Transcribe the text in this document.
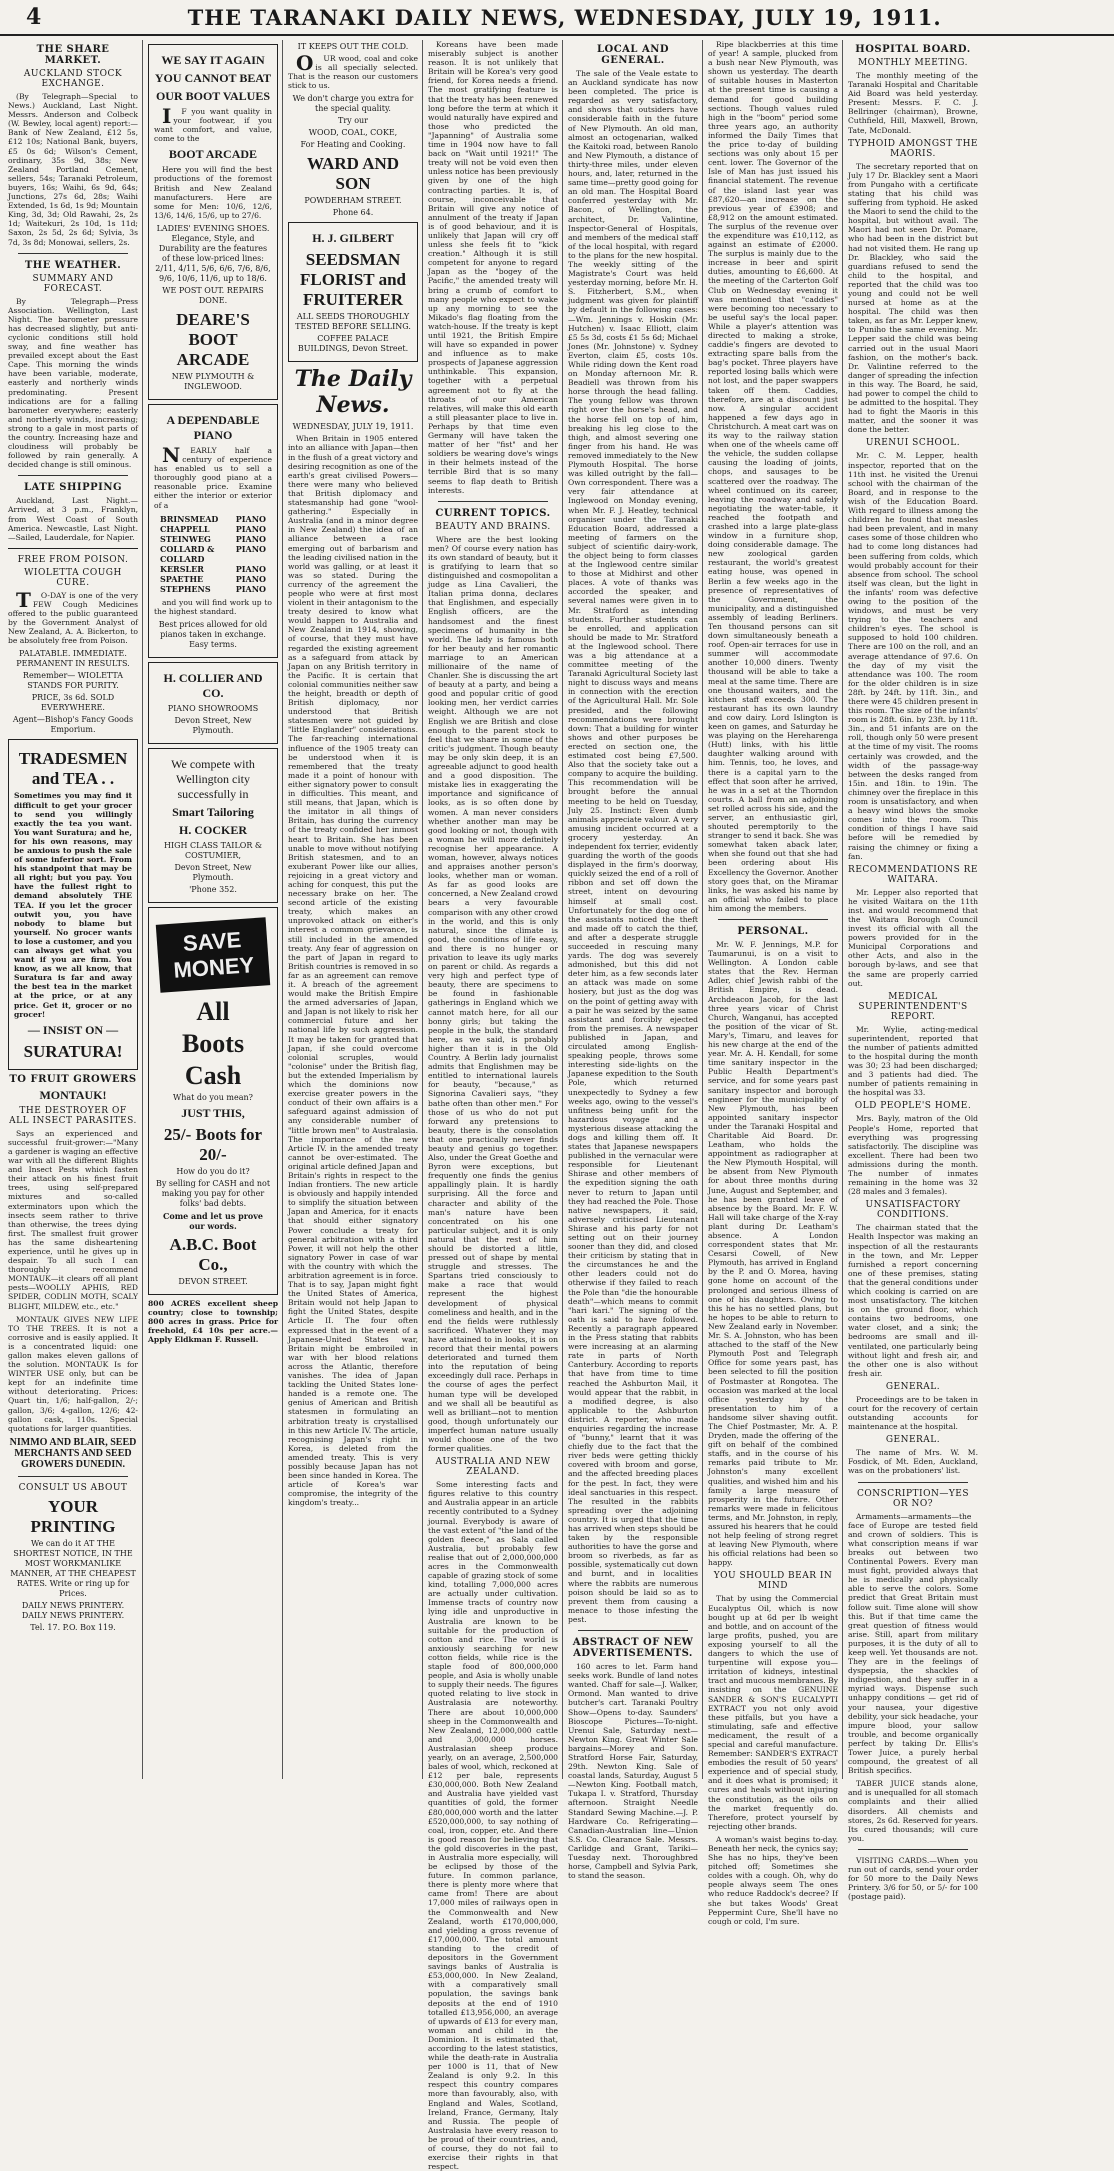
4	THE TARANAKI DAILY NEWS, WEDNESDAY, JULY 19, 1911.
THE SHARE MARKET.
AUCKLAND STOCK EXCHANGE.

(By Telegraph—Special to News.) Auckland, Last Night. Messrs. Anderson and Colbeck (W. Bewley, local agent) report:—Bank of New Zealand, £12 5s, £12 10s; National Bank, buyers, £5 0s 6d; Wilson's Cement, ordinary, 35s 9d, 38s; New Zealand Portland Cement, sellers, 54s; Taranaki Petroleum, buyers, 16s; Waihi, 6s 9d, 64s; Junctions, 27s 6d, 28s; Waihi Extended, 1s 6d, 1s 9d; Mountain King, 3d, 3d; Old Rawahi, 2s, 2s 1d; Waitekuri, 2s 10d, 1s 11d; Saxon, 2s 5d, 2s 6d; Sylvia, 3s 7d, 3s 8d; Monowai, sellers, 2s.

THE WEATHER.
SUMMARY AND FORECAST.

By Telegraph—Press Association. Wellington, Last Night. The barometer pressure has decreased slightly, but anti-cyclonic conditions still hold sway, and fine weather has prevailed except about the East Cape. This morning the winds have been variable, moderate, easterly and northerly winds predominating. Present indications are for a falling barometer everywhere; easterly and northerly winds, increasing; strong to a gale in most parts of the country. Increasing haze and cloudiness will probably be followed by rain generally. A decided change is still ominous.

LATE SHIPPING

Auckland, Last Night.—Arrived, at 3 p.m., Franklyn, from West Coast of South America. Newcastle, Last Night.—Sailed, Lauderdale, for Napier.

FREE FROM POISON.
WIOLETTA COUGH CURE.

TO-DAY is one of the very FEW Cough Medicines offered to the public guaranteed by the Government Analyst of New Zealand, A. A. Bickerton, to be absolutely free from Poison.

PALATABLE. IMMEDIATE. PERMANENT IN RESULTS.

Remember— WIOLETTA STANDS FOR PURITY.

PRICE, 3s 6d. SOLD EVERYWHERE.

Agent—Bishop's Fancy Goods Emporium.

TRADESMEN and TEA . .

Sometimes you may find it difficult to get your grocer to send you willingly exactly the tea you want. You want Suratura; and he, for his own reasons, may be anxious to push the sale of some inferior sort. From his standpoint that may be all right; but you pay. You have the fullest right to demand absolutely THE TEA. If you let the grocer outwit you, you have nobody to blame but yourself. No grocer wants to lose a customer, and you can always get what you want if you are firm. You know, as we all know, that Suratura is far and away the best tea in the market at the price, or at any price. Get it, grocer or no grocer!

— INSIST ON —
SURATURA!
TO FRUIT GROWERS
MONTAUK!
THE DESTROYER OF ALL INSECT PARASITES.

Says an experienced and successful fruit-grower:—"Many a gardener is waging an effective war with all the different Blights and Insect Pests which fasten their attack on his finest fruit trees, using self-prepared mixtures and so-called exterminators upon which the insects seem rather to thrive than otherwise, the trees dying first. The smallest fruit grower has the same disheartening experience, until he gives up in despair. To all such I can thoroughly recommend MONTAUK—it clears off all plant pests—WOOLLY APHIS, RED SPIDER, CODLIN MOTH, SCALY BLIGHT, MILDEW, etc., etc."

MONTAUK GIVES NEW LIFE TO THE TREES. It is not a corrosive and is easily applied. It is a concentrated liquid: one gallon makes eleven gallons of the solution. MONTAUK Is for WINTER USE only, but can be kept for an indefinite time without deteriorating. Prices: Quart tin, 1/6; half-gallon, 2/-; gallon, 3/6; 4-gallon, 12/6; 42-gallon cask, 110s. Special quotations for larger quantities.

NIMMO AND BLAIR, SEED MERCHANTS AND SEED GROWERS DUNEDIN.
CONSULT US ABOUT
YOUR PRINTING

We can do it AT THE SHORTEST NOTICE, IN THE MOST WORKMANLIKE MANNER, AT THE CHEAPEST RATES. Write or ring up for Prices.

DAILY NEWS PRINTERY. DAILY NEWS PRINTERY.

Tel. 17. P.O. Box 119.

WE SAY IT AGAIN
YOU CANNOT BEAT
OUR BOOT VALUES

IF you want quality in your footwear, if you want comfort, and value, come to the

BOOT ARCADE

Here you will find the best productions of the foremost British and New Zealand manufacturers. Here are some for Men: 10/6, 12/6, 13/6, 14/6, 15/6, up to 27/6.

LADIES' EVENING SHOES. Elegance, Style, and Durability are the features of these low-priced lines: 2/11, 4/11, 5/6, 6/6, 7/6, 8/6, 9/6, 10/6, 11/6, up to 18/6.

WE POST OUT. REPAIRS DONE.

DEARE'S BOOT ARCADE

NEW PLYMOUTH & INGLEWOOD.

A DEPENDABLE PIANO

NEARLY half a century of experience has enabled us to sell a thoroughly good piano at a reasonable price. Examine either the interior or exterior of a

BRINSMEAD PIANO
CHAPPELL	PIANO
STEINWEG	PIANO
COLLARD & COLLARD
PIANO
KERSLER	PIANO
SPAETHE	PIANO
STEPHENS	PIANO

and you will find work up to the highest standard.

Best prices allowed for old pianos taken in exchange. Easy terms.

H. COLLIER AND CO.

PIANO SHOWROOMS

Devon Street, New Plymouth.

We compete with Wellington city successfully in

Smart Tailoring
H. COCKER

HIGH CLASS TAILOR & COSTUMIER,

Devon Street, New Plymouth.

'Phone 352.

SAVE MONEY
All
Boots
Cash
What do you mean?
JUST THIS,
25/- Boots for 20/-
How do you do it?

By selling for CASH and not making you pay for other folks' bad debts.

Come and let us prove our words.

A.B.C. Boot Co.,

DEVON STREET.

800 ACRES excellent sheep country; close to township; 800 acres in grass. Price for freehold, £4 10s per acre.—Apply Eldkman F. Russell.

IT KEEPS OUT THE COLD.

OUR wood, coal and coke is all specially selected. That is the reason our customers stick to us.

We don't charge you extra for the special quality.

Try our

WOOD, COAL, COKE,

For Heating and Cooking.

WARD AND SON

POWDERHAM STREET.

Phone 64.

H. J. GILBERT
SEEDSMAN FLORIST and FRUITERER

ALL SEEDS THOROUGHLY TESTED BEFORE SELLING.

COFFEE PALACE BUILDINGS, Devon Street.

The Daily News.

WEDNESDAY, JULY 19, 1911.

When Britain in 1905 entered into an alliance with Japan—then in the flush of a great victory and desiring recognition as one of the earth's great civilised Powers—there were many who believed that British diplomacy and statesmanship had gone "wool-gathering." Especially in Australia (and in a minor degree in New Zealand) the idea of an alliance between a race emerging out of barbarism and the leading civilised nation in the world was galling, or at least it was so stated. During the currency of the agreement the people who were at first most violent in their antagonism to the treaty desired to know what would happen to Australia and New Zealand in 1914, showing, of course, that they must have regarded the existing agreement as a safeguard from attack by Japan on any British territory in the Pacific. It is certain that colonial communities neither saw the height, breadth or depth of British diplomacy, nor understood that British statesmen were not guided by "little Englander" considerations. The far-reaching international influence of the 1905 treaty can be understood when it is remembered that the treaty made it a point of honour with either signatory power to consult in difficulties. This meant, and still means, that Japan, which is the imitator in all things of Britain, has during the currency of the treaty confided her inmost heart to Britain. She has been unable to move without notifying British statesmen, and to an exuberant Power like our allies, rejoicing in a great victory and aching for conquest, this put the necessary brake on her. The second article of the existing treaty, which makes an unprovoked attack on either's interest a common grievance, is still included in the amended treaty. Any fear of aggression on the part of Japan in regard to British countries is removed in so far as an agreement can remove it. A breach of the agreement would make the British Empire the armed adversaries of Japan, and Japan is not likely to risk her commercial future and her national life by such aggression. It may be taken for granted that Japan, if she could overcome colonial scruples, would "colonise" under the British flag, but the extended Imperialism by which the dominions now exercise greater powers in the conduct of their own affairs is a safeguard against admission of any considerable number of "little brown men" to Australasia. The importance of the new Article IV. in the amended treaty cannot be over-estimated. The original article defined Japan and Britain's rights in respect to the Indian frontiers. The new article is obviously and happily intended to simplify the situation between Japan and America, for it enacts that should either signatory Power conclude a treaty for general arbitration with a third Power, it will not help the other signatory Power in case of war with the country with which the arbitration agreement is in force. That is to say, Japan might fight the United States of America, Britain would not help Japan to fight the United States, despite Article II. The four often expressed that in the event of a Japanese-United States war, Britain might be embroiled in war with her blood relations across the Atlantic, therefore vanishes. The idea of Japan tackling the United States lone-handed is a remote one. The genius of American and British statesmen in formulating an arbitration treaty is crystallised in this new Article IV. The article, recognising Japan's right in Korea, is deleted from the amended treaty. This is very possibly because Japan has not been since handed in Korea. The article of Korea's war compromise, the integrity of the kingdom's treaty...

Koreans have been made miserably subject is another reason. It is not unlikely that Britain will be Korea's very good friend, for Korea needs a friend. The most gratifying feature is that the treaty has been renewed long before the term at which it would naturally have expired and those who predicted the "Japanning" of Australia some time in 1904 now have to fall back on "Wait until 1921!" The treaty will not be void even then unless notice has been previously given by one of the high contracting parties. It is, of course, inconceivable that Britain will give any notice of annulment of the treaty if Japan is of good behaviour, and it is unlikely that Japan will cry off unless she feels fit to "kick creation." Although it is still competent for anyone to regard Japan as the "bogey of the Pacific," the amended treaty will bring a crumb of comfort to many people who expect to wake up any morning to see the Mikado's flag floating from the watch-house. If the treaty is kept until 1921, the British Empire will have so expanded in power and influence as to make prospects of Japanese aggression unthinkable. This expansion, together with a perpetual agreement not to fly at the throats of our American relatives, will make this old earth a still pleasanter place to live in. Perhaps by that time even Germany will have taken the matter of her "fist" and her soldiers be wearing dove's wings in their helmets instead of the terrible Bird that is so many seems to flap death to British interests.

CURRENT TOPICS.
BEAUTY AND BRAINS.

Where are the best looking men? Of course every nation has its own standard of beauty, but it is gratifying to learn that so distinguished and cosmopolitan a judge as Lina Cavalieri, the Italian prima donna, declares that Englishmen, and especially English officers, are the handsomest and the finest specimens of humanity in the world. The lady is famous both for her beauty and her romantic marriage to an American millionaire of the name of Chanler. She is discussing the art of beauty at a party, and being a good and popular critic of good looking men, her verdict carries weight. Although we are not English we are British and close enough to the parent stock to feel that we share in some of the critic's judgment. Though beauty may be only skin deep, it is an agreeable adjunct to good health and a good disposition. The mistake lies in exaggerating the importance and significance of looks, as is so often done by women. A man never considers whether another man may be good looking or not, though with a woman he will more definitely recognise her appearance. A woman, however, always notices and appraises another person's looks, whether man or woman. As far as good looks are concerned, a New Zealand crowd bears a very favourable comparison with any other crowd in the world, and this is only natural, since the climate is good, the conditions of life easy, and there is no hunger or privation to leave its ugly marks on parent or child. As regards a very high and perfect type of beauty, there are specimens to be found in fashionable gatherings in England which we cannot match here, for all our bonny girls; but taking the people in the bulk, the standard here, as we said, is probably higher than it is in the Old Country. A Berlin lady journalist admits that Englishmen may be entitled to international laurels for beauty, "because," as Signorina Cavalieri says, "they bathe often than other men." For those of us who do not put forward any pretensions to beauty, there is the consolation that one practically never finds beauty and genius go together. Also, under the Great Goethe and Byron were exceptions, but frequently one finds the genius appallingly plain. It is hardly surprising. All the force and character and ability of the man's nature have been concentrated on his one particular subject, and it is only natural that the rest of him should be distorted a little, pressed out of shape by mental struggle and stresses. The Spartans tried consciously to make a race that would represent the highest development of physical comeliness and health, and in the end the fields were ruthlessly sacrificed. Whatever they may have attained to in looks, it is on record that their mental powers deteriorated and turned them into the reputation of being exceedingly dull race. Perhaps in the course of ages the perfect human type will be developed and we shall all be beautiful as well as brilliant—not to mention good, though unfortunately our imperfect human nature usually would choose one of the two former qualities.

AUSTRALIA AND NEW ZEALAND.

Some interesting facts and figures relative to this country and Australia appear in an article recently contributed to a Sydney journal. Everybody is aware of the vast extent of "the land of the golden fleece," as Sala called Australia, but probably few realise that out of 2,000,000,000 acres in the Commonwealth capable of grazing stock of some kind, totalling 7,000,000 acres are actually under cultivation. Immense tracts of country now lying idle and unproductive in Australia are known to be suitable for the production of cotton and rice. The world is anxiously searching for new cotton fields, while rice is the staple food of 800,000,000 people, and Asia is wholly unable to supply their needs. The figures quoted relating to live stock in Australasia are noteworthy. There are about 10,000,000 sheep in the Commonwealth and New Zealand, 12,000,000 cattle and 3,000,000 horses. Australasian sheep produce yearly, on an average, 2,500,000 bales of wool, which, reckoned at £12 per bale, represents £30,000,000. Both New Zealand and Australia have yielded vast quantities of gold, the former £80,000,000 worth and the latter £520,000,000, to say nothing of coal, iron, copper, etc. And there is good reason for believing that the gold discoveries in the past, in Australia more especially, will be eclipsed by those of the future. In common parlance, there is plenty more where that came from! There are about 17,000 miles of railways open in the Commonwealth and New Zealand, worth £170,000,000, and yielding a gross revenue of £17,000,000. The total amount standing to the credit of depositors in the Government savings banks of Australia is £53,000,000. In New Zealand, with a comparatively small population, the savings bank deposits at the end of 1910 totalled £13,956,000, an average of upwards of £13 for every man, woman and child in the Dominion. It is estimated that, according to the latest statistics, while the death-rate in Australia per 1000 is 11, that of New Zealand is only 9.2. In this respect this country compares more than favourably, also, with England and Wales, Scotland, Ireland, France, Germany, Italy and Russia. The people of Australasia have every reason to be proud of their countries, and, of course, they do not fail to exercise their rights in that respect.

LOCAL AND GENERAL.

The sale of the Veale estate to an Auckland syndicate has now been completed. The price is regarded as very satisfactory, and shows that outsiders have considerable faith in the future of New Plymouth. An old man, almost an octogenarian, walked the Kaitoki road, between Ranolo and New Plymouth, a distance of thirty-three miles, under eleven hours, and, later, returned in the same time—pretty good going for an old man. The Hospital Board conferred yesterday with Mr. Bacon, of Wellington, the architect, Dr. Valintine, Inspector-General of Hospitals, and members of the medical staff of the local hospital, with regard to the plans for the new hospital. The weekly sitting of the Magistrate's Court was held yesterday morning, before Mr. H. S. Fitzherbert, S.M., when judgment was given for plaintiff by default in the following cases:—Wm. Jennings v. Hoskin (Mr. Hutchen) v. Isaac Elliott, claim £5 5s 3d, costs £1 5s 6d; Michael Jones (Mr. Johnstone) v. Sydney Everton, claim £5, costs 10s. While riding down the Kent road on Monday afternoon Mr. R. Beadiell was thrown from his horse through the head falling. The young fellow was thrown right over the horse's head, and the horse fell on top of him, breaking his leg close to the thigh, and almost severing one finger from his hand. He was removed immediately to the New Plymouth Hospital. The horse was killed outright by the fall—Own correspondent. There was a very fair attendance at Inglewood on Monday evening, when Mr. F. J. Heatley, technical organiser under the Taranaki Education Board, addressed a meeting of farmers on the subject of scientific dairy-work, the object being to form classes at the Inglewood centre similar to those at Midhirst and other places. A vote of thanks was accorded the speaker, and several names were given in to Mr. Stratford as intending students. Further students can be enrolled, and application should be made to Mr. Stratford at the Inglewood school. There was a big attendance at a committee meeting of the Taranaki Agricultural Society last night to discuss ways and means in connection with the erection of the Agricultural Hall. Mr. Sole presided, and the following recommendations were brought down: That a building for winter shows and other purposes be erected on section one, the estimated cost being £7,500. Also that the society take out a company to acquire the building. This recommendation will be brought before the annual meeting to be held on Tuesday, July 25. Instinct: Even dumb animals appreciate valour. A very amusing incident occurred at a grocery yesterday. An independent fox terrier, evidently guarding the worth of the goods displayed in the firm's doorway, quickly seized the end of a roll of ribbon and set off down the street, intent on devouring himself at small cost. Unfortunately for the dog one of the assistants noticed the theft and made off to catch the thief, and after a desperate struggle succeeded in rescuing many yards. The dog was severely admonished, but this did not deter him, as a few seconds later an attack was made on some hosiery, but just as the dog was on the point of getting away with a pair he was seized by the same assistant and forcibly ejected from the premises. A newspaper published in Japan, and circulated among English-speaking people, throws some interesting side-lights on the Japanese expedition to the South Pole, which returned unexpectedly to Sydney a few weeks ago, owing to the vessel's unfitness being unfit for the hazardous voyage and a mysterious disease attacking the dogs and killing them off. It states that Japanese newspapers published in the vernacular were responsible for Lieutenant Shirase and other members of the expedition signing the oath never to return to Japan until they had reached the Pole. Those native newspapers, it said, adversely criticised Lieutenant Shirase and his party for not setting out on their journey sooner than they did, and closed their criticism by stating that in the circumstances he and the other leaders could not do otherwise if they failed to reach the Pole than "die the honourable death"—which means to commit "hari kari." The signing of the oath is said to have followed. Recently a paragraph appeared in the Press stating that rabbits were increasing at an alarming rate in parts of North Canterbury. According to reports that have from time to time reached the Ashburton Mail, it would appear that the rabbit, in a modified degree, is also applicable to the Ashburton district. A reporter, who made enquiries regarding the increase of "bunny," learnt that it was chiefly due to the fact that the river beds were getting thickly covered with broom and gorse, and the affected breeding places for the pest. In fact, they were ideal sanctuaries in this respect. The resulted in the rabbits spreading over the adjoining country. It is urged that the time has arrived when steps should be taken by the responsible authorities to have the gorse and broom so riverbeds, as far as possible, systematically cut down and burnt, and in localities where the rabbits are numerous poison should be laid so as to prevent them from causing a menace to those infesting the pest.

ABSTRACT OF NEW ADVERTISEMENTS.

160 acres to let. Farm hand seeks work. Bundle of land notes wanted. Chaff for sale—J. Walker, Ormond. Man wanted to drive butcher's cart. Taranaki Poultry Show—Opens to-day. Saunders' Bioscope Pictures—To-night. Urenui Sale, Saturday next—Newton King. Great Winter Sale bargains—Morey and Son. Stratford Horse Fair, Saturday, 29th. Newton King. Sale of coastal lands, Saturday, August 5—Newton King. Football match, Tukapa I. v. Stratford, Thursday afternoon. Straight Needle Standard Sewing Machine.—J. P. Hardware Co. Refrigerating—Canadian-Australian line—Union S.S. Co. Clearance Sale. Messrs. Carlidge and Grant, Tariki—Tuesday next. Thoroughbred horse, Campbell and Sylvia Park, to stand the season.

Ripe blackberries at this time of year! A sample, plucked from a bush near New Plymouth, was shown us yesterday. The dearth of suitable houses in Masterton at the present time is causing a demand for good building sections. Though values ruled high in the "boom" period some three years ago, an authority informed the Daily Times that the price to-day of building sections was only about 15 per cent. lower. The Governor of the Isle of Man has just issued his financial statement. The revenue of the island last year was £87,620—an increase on the previous year of £3908; and £8,912 on the amount estimated. The surplus of the revenue over the expenditure was £10,112, as against an estimate of £2000. The surplus is mainly due to the increase in beer and spirit duties, amounting to £6,600. At the meeting of the Carterton Golf Club on Wednesday evening it was mentioned that "caddies" were becoming too necessary to be useful say's the local paper. While a player's attention was directed to making a stroke, caddie's fingers are devoted to extracting spare balls from the bag's pocket. Three players have reported losing balls which were not lost, and the paper swappers taken off them. Caddies, therefore, are at a discount just now. A singular accident happened a few days ago in Christchurch. A meat cart was on its way to the railway station when one of the wheels came off the vehicle, the sudden collapse causing the loading of joints, chops, and sausages to be scattered over the roadway. The wheel continued on its career, leaving the roadway and safely negotiating the water-table, it reached the footpath and crashed into a large plate-glass window in a furniture shop, doing considerable damage. The new zoological garden restaurant, the world's greatest eating house, was opened in Berlin a few weeks ago in the presence of representatives of the Government, the municipality, and a distinguished assembly of leading Berliners. Ten thousand persons can sit down simultaneously beneath a roof. Open-air terraces for use in summer will accommodate another 10,000 diners. Twenty thousand will be able to take a meal at the same time. There are one thousand waiters, and the kitchen staff exceeds 300. The restaurant has its own laundry and cow dairy. Lord Islington is keen on games, and Saturday he was playing on the Hereharenga (Hutt) links, with his little daughter walking around with him. Tennis, too, he loves, and there is a capital yarn to the effect that soon after he arrived, he was in a set at the Thorndon courts. A ball from an adjoining set rolled across his side, and the server, an enthusiastic girl, shouted peremptorily to the stranger to send it back. She was somewhat taken aback later, when she found out that she had been ordering about His Excellency the Governor. Another story goes that, on the Miramar links, he was asked his name by an official who failed to place him among the members.

PERSONAL.

Mr. W. F. Jennings, M.P. for Taumarunui, is on a visit to Wellington. A London cable states that the Rev. Herman Adler, chief Jewish rabbi of the British Empire, is dead. Archdeacon Jacob, for the last three years vicar of Christ Church, Wanganui, has accepted the position of the vicar of St. Mary's, Timaru, and leaves for his new charge at the end of the year. Mr. A. H. Kendall, for some time sanitary inspector in the Public Health Department's service, and for some years past sanitary inspector and borough engineer for the municipality of New Plymouth, has been appointed sanitary inspector under the Taranaki Hospital and Charitable Aid Board. Dr. Leatham, who holds the appointment as radiographer at the New Plymouth Hospital, will be absent from New Plymouth for about three months during June, August and September, and he has been granted leave of absence by the Board. Mr. F. W. Hall will take charge of the X-ray plant during Dr. Leatham's absence. A London correspondent states that Mr. Cesarsi Cowell, of New Plymouth, has arrived in England by the P. and O. Morea, having gone home on account of the prolonged and serious illness of one of his daughters. Owing to this he has no settled plans, but he hopes to be able to return to New Zealand early in November. Mr. S. A. Johnston, who has been attached to the staff of the New Plymouth Post and Telegraph Office for some years past, has been selected to fill the position of Postmaster at Rongotea. The occasion was marked at the local office yesterday by the presentation to him of a handsome silver shaving outfit. The Chief Postmaster, Mr. A. P. Dryden, made the offering of the gift on behalf of the combined staffs, and in the course of his remarks paid tribute to Mr. Johnston's many excellent qualities, and wished him and his family a large measure of prosperity in the future. Other remarks were made in felicitous terms, and Mr. Johnston, in reply, assured his hearers that he could not help feeling of strong regret at leaving New Plymouth, where his official relations had been so happy.

YOU SHOULD BEAR IN MIND

That by using the Commercial Eucalyptus Oil, which is now bought up at 6d per lb weight and bottle, and on account of the large profits, pushed, you are exposing yourself to all the dangers to which the use of turpentine will expose you—irritation of kidneys, intestinal tract and mucous membranes. By insisting on the GENUINE SANDER & SON'S EUCALYPTI EXTRACT you not only avoid these pitfalls, but you have a stimulating, safe and effective medicament, the result of a special and careful manufacture. Remember: SANDER'S EXTRACT embodies the result of 50 years' experience and of special study, and it does what is promised; it cures and heals without injuring the constitution, as the oils on the market frequently do. Therefore, protect yourself by rejecting other brands.

A woman's waist begins to-day. Beneath her neck, the cynics say; She has no hips, they've been pitched off; Sometimes she coldes with a cough. Oh, why do people always seem The ones who reduce Raddock's decree? If she but takes Woods' Great Peppermint Cure, She'll have no cough or cold, I'm sure.

HOSPITAL BOARD.
MONTHLY MEETING.

The monthly meeting of the Taranaki Hospital and Charitable Aid Board was held yesterday. Present: Messrs. F. C. J. Bellringer (chairman), Browne, Cuthfield, Hill, Maxwell, Brown, Tate, McDonald.

TYPHOID AMONGST THE MAORIS.

The secretary reported that on July 17 Dr. Blackley sent a Maori from Pungaho with a certificate stating that his child was suffering from typhoid. He asked the Maori to send the child to the hospital, but without avail. The Maori had not seen Dr. Pomare, who had been in the district but had not visited them. He rang up Dr. Blackley, who said the guardians refused to send the child to the hospital, and reported that the child was too young and could not be well nursed at home as at the hospital. The child was then taken, as far as Mr. Lepper knew, to Puniho the same evening. Mr. Lepper said the child was being carried out in the usual Maori fashion, on the mother's back. Dr. Valintine referred to the danger of spreading the infection in this way. The Board, he said, had power to compel the child to be admitted to the hospital. They had to fight the Maoris in this matter, and the sooner it was done the better.

URENUI SCHOOL.

Mr. C. M. Lepper, health inspector, reported that on the 11th inst. he visited the Urenui school with the chairman of the Board, and in response to the wish of the Education Board. With regard to illness among the children he found that measles had been prevalent, and in many cases some of those children who had to come long distances had been suffering from colds, which would probably account for their absence from school. The school itself was clean, but the light in the infants' room was defective owing to the position of the windows, and must be very trying to the teachers and children's eyes. The school is supposed to hold 100 children. There are 100 on the roll, and an average attendance of 97.6. On the day of my visit the attendance was 100. The room for the older children is in size 28ft. by 24ft. by 11ft. 3in., and there were 45 children present in this room. The size of the infants' room is 28ft. 6in. by 23ft. by 11ft. 3in., and 51 infants are on the roll, though only 50 were present at the time of my visit. The rooms certainly was crowded, and the width of the passage-way between the desks ranged from 15in. and 18in. to 19in. The chimney over the fireplace in this room is unsatisfactory, and when a heavy wind blows the smoke comes into the room. This condition of things I have said before will be remedied by raising the chimney or fixing a fan.

RECOMMENDATIONS RE WAITARA.

Mr. Lepper also reported that he visited Waitara on the 11th inst. and would recommend that the Waitara Borough Council invest its official with all the powers provided for in the Municipal Corporations and other Acts, and also in the borough by-laws, and see that the same are properly carried out.

MEDICAL SUPERINTENDENT'S REPORT.

Mr. Wylie, acting-medical superintendent, reported that the number of patients admitted to the hospital during the month was 30; 23 had been discharged; and 3 patients had died. The number of patients remaining in the hospital was 33.

OLD PEOPLE'S HOME.

Mrs. Bayly, matron of the Old People's Home, reported that everything was progressing satisfactorily. The discipline was excellent. There had been two admissions during the month. The number of inmates remaining in the home was 32 (28 males and 3 females).

UNSATISFACTORY CONDITIONS.

The chairman stated that the Health Inspector was making an inspection of all the restaurants in the town, and Mr. Lepper furnished a report concerning one of these premises, stating that the general conditions under which cooking is carried on are most unsatisfactory. The kitchen is on the ground floor, which contains two bedrooms, one water closet, and a sink; the bedrooms are small and ill-ventilated, one particularly being without light and fresh air, and the other one is also without fresh air.

GENERAL.

Proceedings are to be taken in court for the recovery of certain outstanding accounts for maintenance at the hospital.

GENERAL.

The name of Mrs. W. M. Fosdick, of Mt. Eden, Auckland, was on the probationers' list.

CONSCRIPTION—YES OR NO?

Armaments—armaments—the face of Europe are tested field and crown of soldiers. This is what conscription means if war breaks out between two Continental Powers. Every man must fight, provided always that he is medically and physically able to serve the colors. Some predict that Great Britain must follow suit. Time alone will show this. But if that time came the great question of fitness would arise. Still, apart from military purposes, it is the duty of all to keep well. Yet thousands are not. They are in the feelings of dyspepsia, the shackles of indigestion, and they suffer in a myriad ways. Dispense such unhappy conditions — get rid of your nausea, your digestive debility, your sick headache, your impure blood, your sallow trouble, and become organically perfect by taking Dr. Ellis's Tower Juice, a purely herbal compound, the greatest of all British specifics.

TABER JUICE stands alone, and is unequalled for all stomach complaints and their allied disorders. All chemists and stores, 2s 6d. Reserved for years. Its cured thousands; will cure you.

VISITING CARDS.—When you run out of cards, send your order for 50 more to the Daily News Printery. 3/6 for 50, or 5/- for 100 (postage paid).
